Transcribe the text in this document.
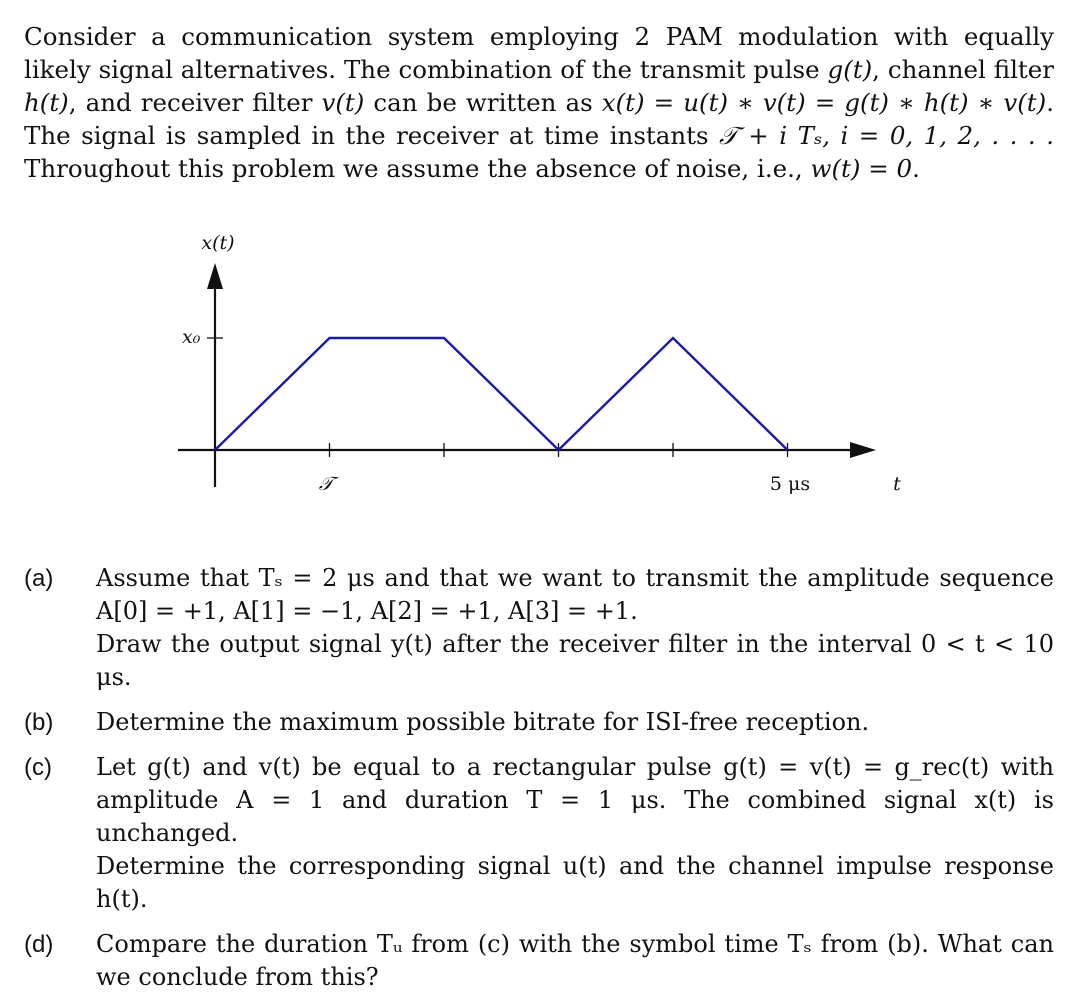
Consider a communication system employing 2 PAM modulation with equally likely signal alternatives. The combination of the transmit pulse g(t), channel filter h(t), and receiver filter v(t) can be written as x(t) = u(t) ∗ v(t) = g(t) ∗ h(t) ∗ v(t). The signal is sampled in the receiver at time instants 𝒯 + i Tₛ, i = 0, 1, 2, . . . . Throughout this problem we assume the absence of noise, i.e., w(t) = 0.
x(t)
x₀
𝒯	5 μs	t
(a) Assume that Tₛ = 2 μs and that we want to transmit the amplitude sequence A[0] = +1, A[1] = −1, A[2] = +1, A[3] = +1.
Draw the output signal y(t) after the receiver filter in the interval 0 < t < 10 μs.
(b) Determine the maximum possible bitrate for ISI-free reception.
(c) Let g(t) and v(t) be equal to a rectangular pulse g(t) = v(t) = g_rec(t) with amplitude A = 1 and duration T = 1 μs. The combined signal x(t) is unchanged.
Determine the corresponding signal u(t) and the channel impulse response h(t).
(d) Compare the duration Tᵤ from (c) with the symbol time Tₛ from (b). What can we conclude from this?
